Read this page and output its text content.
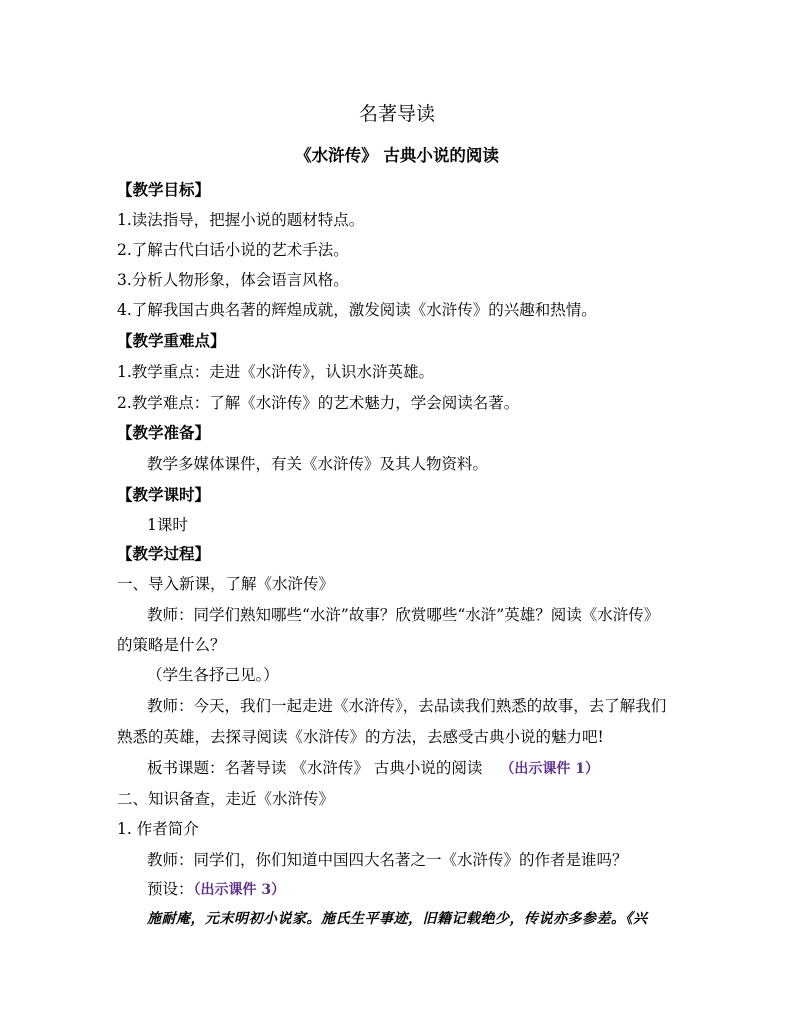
名著导读
《水浒传》 古典小说的阅读
【教学目标】
1.读法指导，把握小说的题材特点。
2.了解古代白话小说的艺术手法。
3.分析人物形象，体会语言风格。
4.了解我国古典名著的辉煌成就，激发阅读《水浒传》的兴趣和热情。
【教学重难点】
1.教学重点：走进《水浒传》，认识水浒英雄。
2.教学难点：了解《水浒传》的艺术魅力，学会阅读名著。
【教学准备】
教学多媒体课件，有关《水浒传》及其人物资料。
【教学课时】
1课时
【教学过程】
一、导入新课，了解《水浒传》
教师：同学们熟知哪些“水浒”故事？欣赏哪些“水浒”英雄？阅读《水浒传》
的策略是什么？
（学生各抒己见。）
教师：今天，我们一起走进《水浒传》，去品读我们熟悉的故事，去了解我们
熟悉的英雄，去探寻阅读《水浒传》的方法，去感受古典小说的魅力吧!
板书课题：名著导读 《水浒传》 古典小说的阅读 （出示课件 1）
二、知识备查，走近《水浒传》
1. 作者简介
教师：同学们，你们知道中国四大名著之一《水浒传》的作者是谁吗？
预设：（出示课件 3）
施耐庵，元末明初小说家。施氏生平事迹，旧籍记载绝少，传说亦多参差。《兴
